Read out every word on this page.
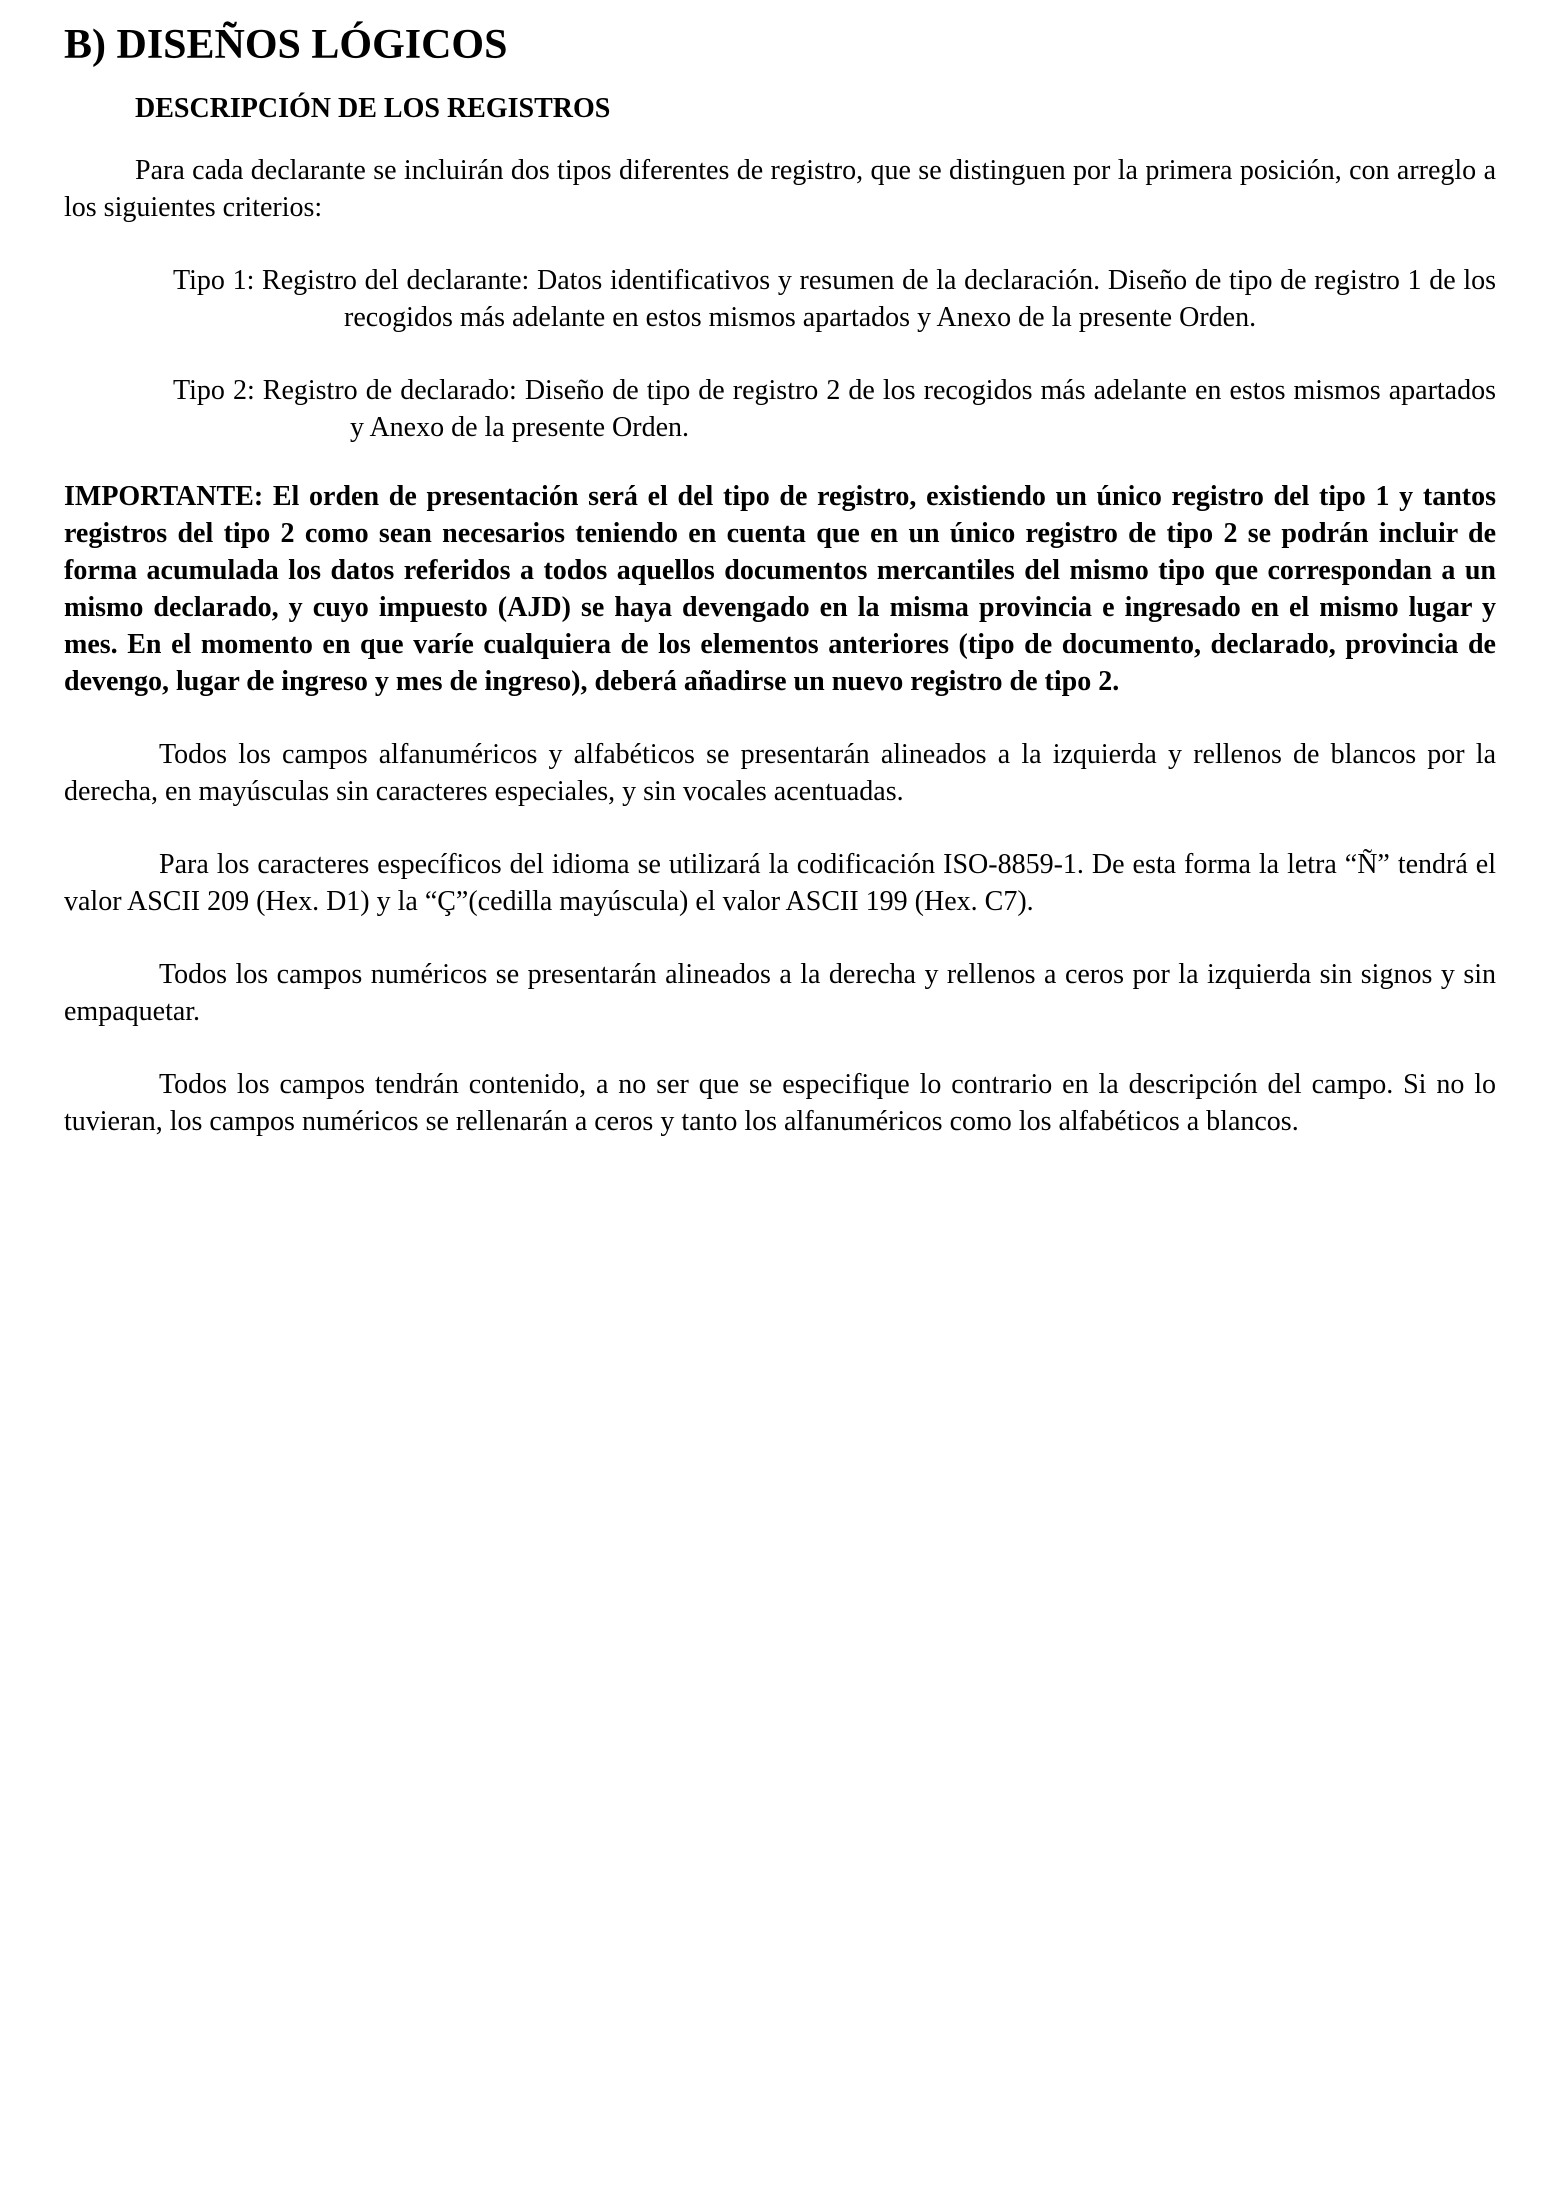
B) DISEÑOS LÓGICOS
DESCRIPCIÓN DE LOS REGISTROS

Para cada declarante se incluirán dos tipos diferentes de registro, que se distinguen por la primera posición, con arreglo a los siguientes criterios:

Tipo 1: Registro del declarante: Datos identificativos y resumen de la declaración. Diseño de tipo de registro 1 de los recogidos más adelante en estos mismos apartados y Anexo de la presente Orden.

Tipo 2: Registro de declarado: Diseño de tipo de registro 2 de los recogidos más adelante en estos mismos apartados y Anexo de la presente Orden.

IMPORTANTE: El orden de presentación será el del tipo de registro, existiendo un único registro del tipo 1 y tantos registros del tipo 2 como sean necesarios teniendo en cuenta que en un único registro de tipo 2 se podrán incluir de forma acumulada los datos referidos a todos aquellos documentos mercantiles del mismo tipo que correspondan a un mismo declarado, y cuyo impuesto (AJD) se haya devengado en la misma provincia e ingresado en el mismo lugar y mes. En el momento en que varíe cualquiera de los elementos anteriores (tipo de documento, declarado, provincia de devengo, lugar de ingreso y mes de ingreso), deberá añadirse un nuevo registro de tipo 2.

Todos los campos alfanuméricos y alfabéticos se presentarán alineados a la izquierda y rellenos de blancos por la derecha, en mayúsculas sin caracteres especiales, y sin vocales acentuadas.

Para los caracteres específicos del idioma se utilizará la codificación ISO-8859-1. De esta forma la letra “Ñ” tendrá el valor ASCII 209 (Hex. D1) y la “Ç”(cedilla mayúscula) el valor ASCII 199 (Hex. C7).

Todos los campos numéricos se presentarán alineados a la derecha y rellenos a ceros por la izquierda sin signos y sin empaquetar.

Todos los campos tendrán contenido, a no ser que se especifique lo contrario en la descripción del campo. Si no lo tuvieran, los campos numéricos se rellenarán a ceros y tanto los alfanuméricos como los alfabéticos a blancos.
